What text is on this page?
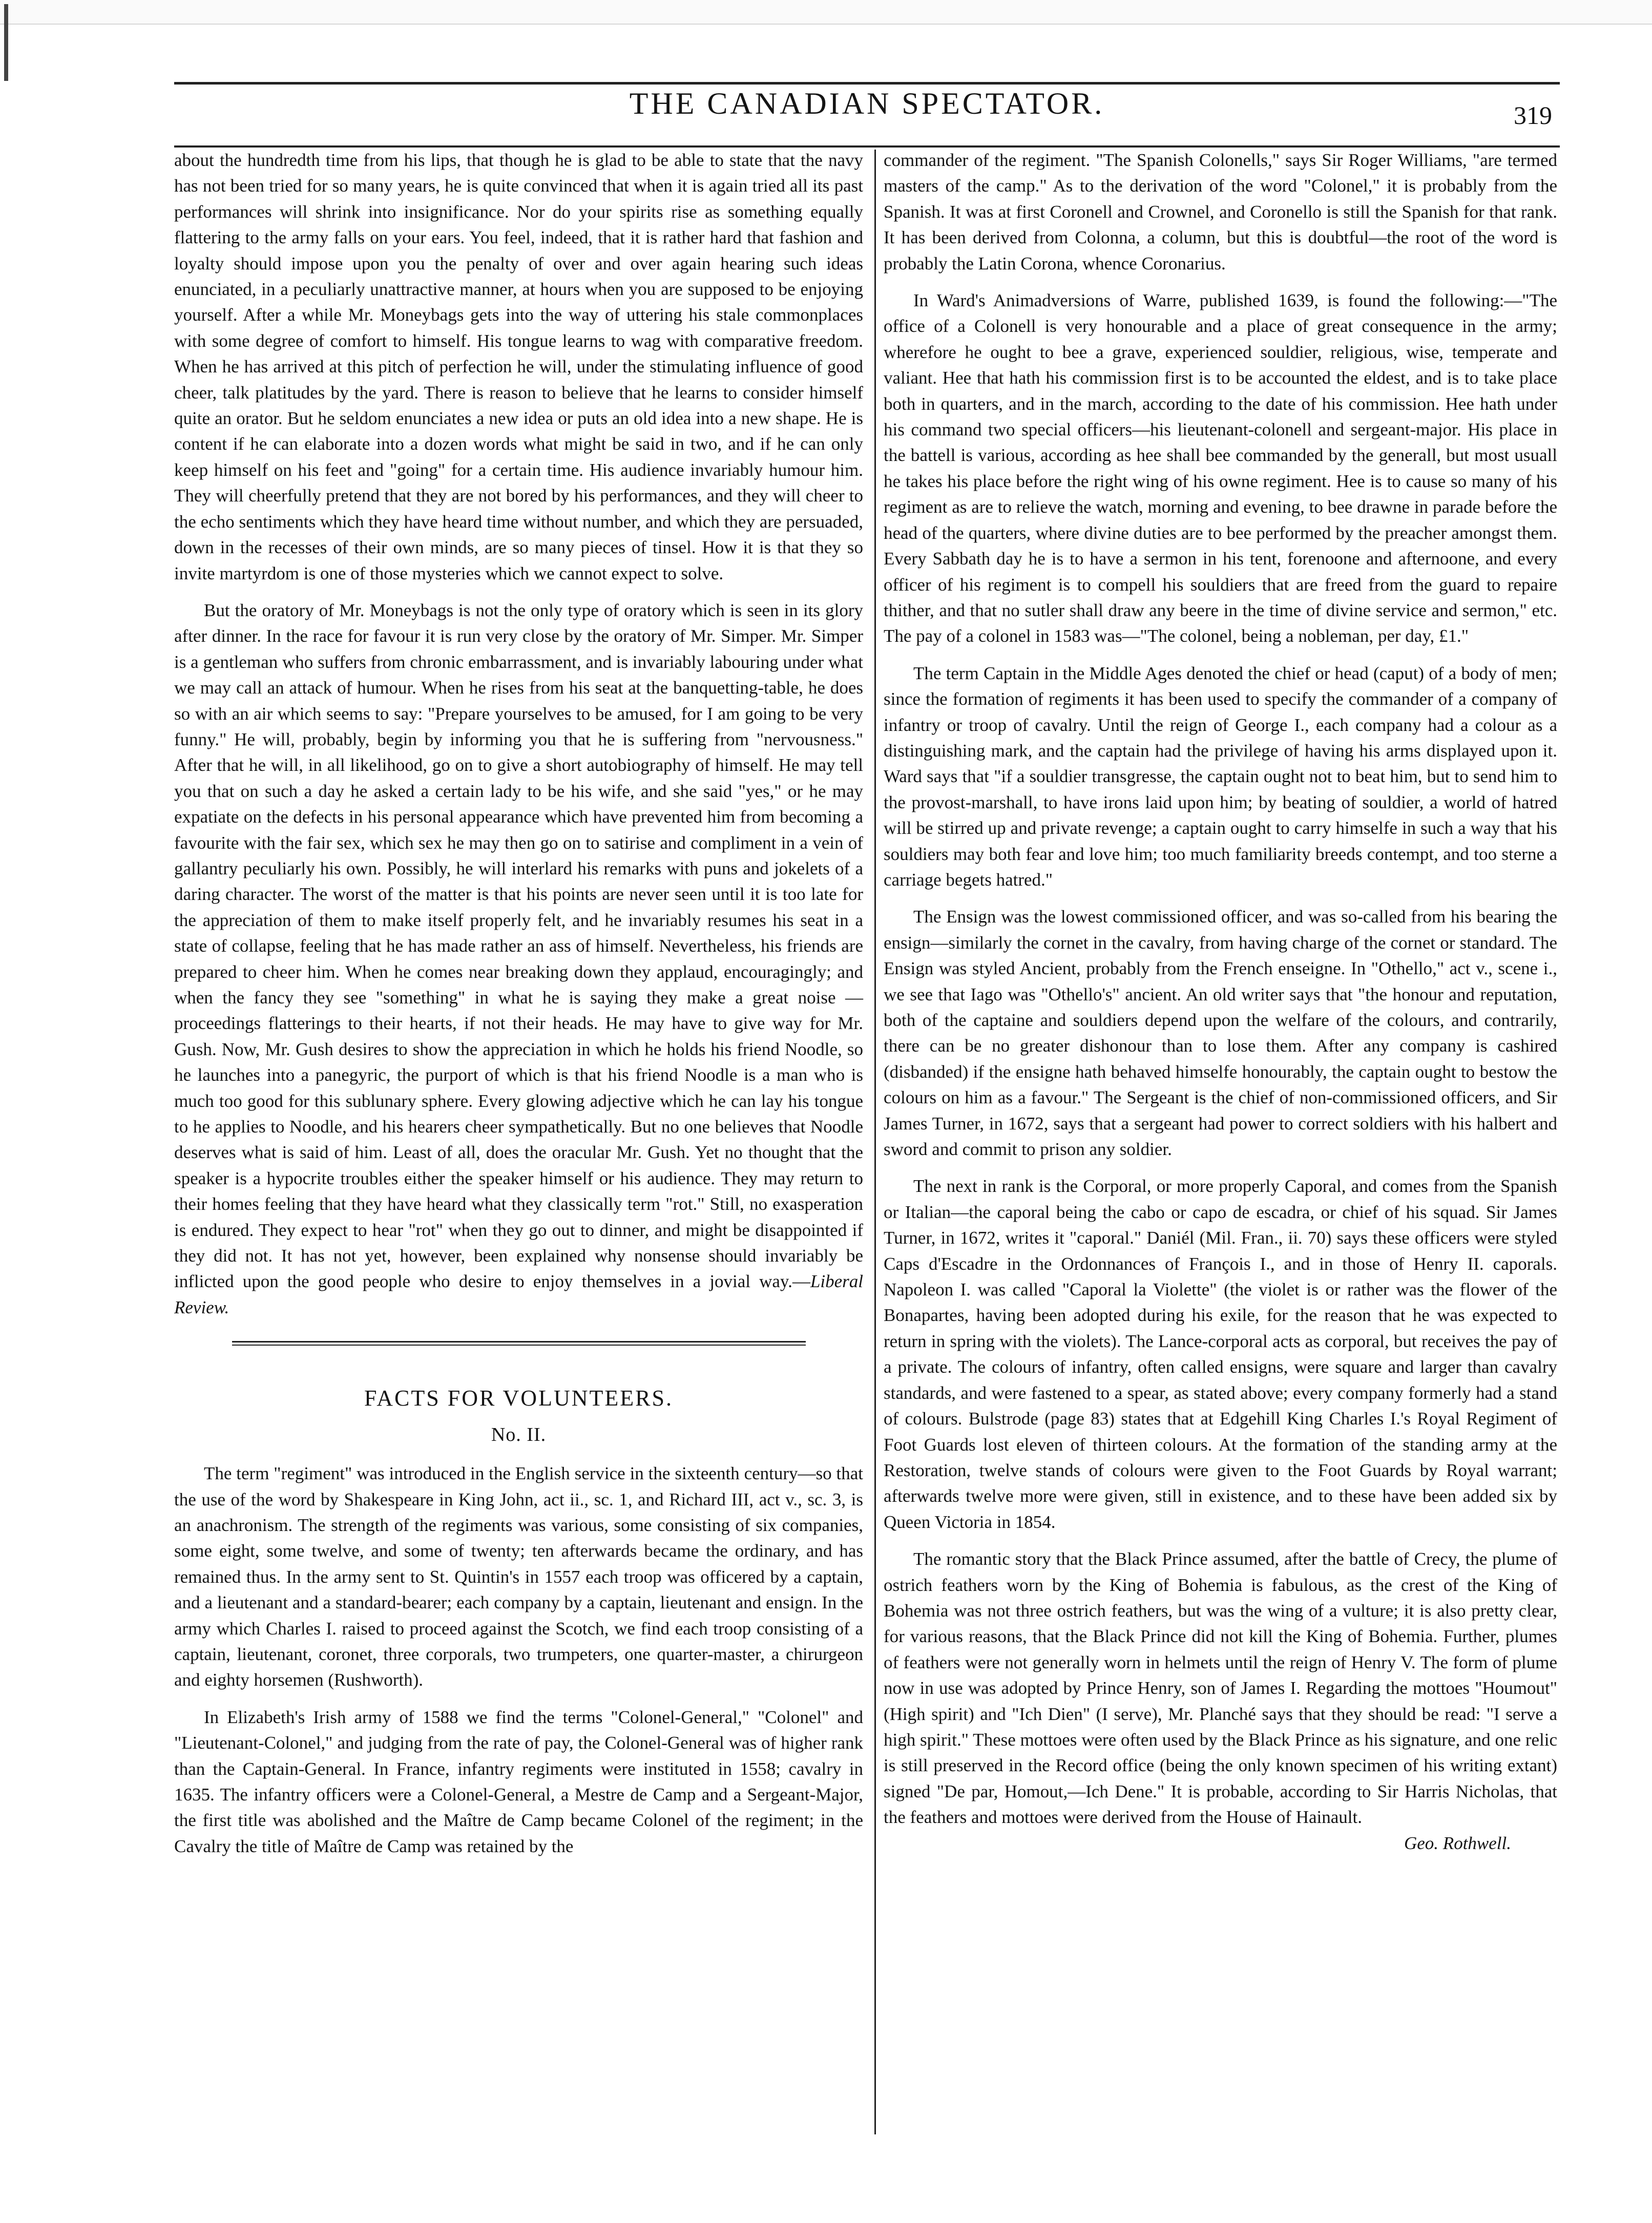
THE CANADIAN SPECTATOR.	319

about the hundredth time from his lips, that though he is glad to be able to state that the navy has not been tried for so many years, he is quite convinced that when it is again tried all its past performances will shrink into insignificance. Nor do your spirits rise as something equally flattering to the army falls on your ears. You feel, indeed, that it is rather hard that fashion and loyalty should impose upon you the penalty of over and over again hearing such ideas enunciated, in a peculiarly unattractive manner, at hours when you are supposed to be enjoying yourself. After a while Mr. Moneybags gets into the way of uttering his stale commonplaces with some degree of comfort to himself. His tongue learns to wag with comparative freedom. When he has arrived at this pitch of perfection he will, under the stimulating influence of good cheer, talk platitudes by the yard. There is reason to believe that he learns to consider himself quite an orator. But he seldom enunciates a new idea or puts an old idea into a new shape. He is content if he can elaborate into a dozen words what might be said in two, and if he can only keep himself on his feet and "going" for a certain time. His audience invariably humour him. They will cheerfully pretend that they are not bored by his performances, and they will cheer to the echo sentiments which they have heard time without number, and which they are persuaded, down in the recesses of their own minds, are so many pieces of tinsel. How it is that they so invite martyrdom is one of those mysteries which we cannot expect to solve.

But the oratory of Mr. Moneybags is not the only type of oratory which is seen in its glory after dinner. In the race for favour it is run very close by the oratory of Mr. Simper. Mr. Simper is a gentleman who suffers from chronic embarrassment, and is invariably labouring under what we may call an attack of humour. When he rises from his seat at the banquetting-table, he does so with an air which seems to say: "Prepare yourselves to be amused, for I am going to be very funny." He will, probably, begin by informing you that he is suffering from "nervousness." After that he will, in all likelihood, go on to give a short autobiography of himself. He may tell you that on such a day he asked a certain lady to be his wife, and she said "yes," or he may expatiate on the defects in his personal appearance which have prevented him from becoming a favourite with the fair sex, which sex he may then go on to satirise and compliment in a vein of gallantry peculiarly his own. Possibly, he will interlard his remarks with puns and jokelets of a daring character. The worst of the matter is that his points are never seen until it is too late for the appreciation of them to make itself properly felt, and he invariably resumes his seat in a state of collapse, feeling that he has made rather an ass of himself. Nevertheless, his friends are prepared to cheer him. When he comes near breaking down they applaud, encouragingly; and when the fancy they see "something" in what he is saying they make a great noise —proceedings flatterings to their hearts, if not their heads. He may have to give way for Mr. Gush. Now, Mr. Gush desires to show the appreciation in which he holds his friend Noodle, so he launches into a panegyric, the purport of which is that his friend Noodle is a man who is much too good for this sublunary sphere. Every glowing adjective which he can lay his tongue to he applies to Noodle, and his hearers cheer sympathetically. But no one believes that Noodle deserves what is said of him. Least of all, does the oracular Mr. Gush. Yet no thought that the speaker is a hypocrite troubles either the speaker himself or his audience. They may return to their homes feeling that they have heard what they classically term "rot." Still, no exasperation is endured. They expect to hear "rot" when they go out to dinner, and might be disappointed if they did not. It has not yet, however, been explained why nonsense should invariably be inflicted upon the good people who desire to enjoy themselves in a jovial way.—Liberal Review.

FACTS FOR VOLUNTEERS.
No. II.

The term "regiment" was introduced in the English service in the sixteenth century—so that the use of the word by Shakespeare in King John, act ii., sc. 1, and Richard III, act v., sc. 3, is an anachronism. The strength of the regiments was various, some consisting of six companies, some eight, some twelve, and some of twenty; ten afterwards became the ordinary, and has remained thus. In the army sent to St. Quintin's in 1557 each troop was officered by a captain, and a lieutenant and a standard-bearer; each company by a captain, lieutenant and ensign. In the army which Charles I. raised to proceed against the Scotch, we find each troop consisting of a captain, lieutenant, coronet, three corporals, two trumpeters, one quarter-master, a chirurgeon and eighty horsemen (Rushworth).

In Elizabeth's Irish army of 1588 we find the terms "Colonel-General," "Colonel" and "Lieutenant-Colonel," and judging from the rate of pay, the Colonel-General was of higher rank than the Captain-General. In France, infantry regiments were instituted in 1558; cavalry in 1635. The infantry officers were a Colonel-General, a Mestre de Camp and a Sergeant-Major, the first title was abolished and the Maître de Camp became Colonel of the regiment; in the Cavalry the title of Maître de Camp was retained by the

commander of the regiment. "The Spanish Colonells," says Sir Roger Williams, "are termed masters of the camp." As to the derivation of the word "Colonel," it is probably from the Spanish. It was at first Coronell and Crownel, and Coronello is still the Spanish for that rank. It has been derived from Colonna, a column, but this is doubtful—the root of the word is probably the Latin Corona, whence Coronarius.

In Ward's Animadversions of Warre, published 1639, is found the following:—"The office of a Colonell is very honourable and a place of great consequence in the army; wherefore he ought to bee a grave, experienced souldier, religious, wise, temperate and valiant. Hee that hath his commission first is to be accounted the eldest, and is to take place both in quarters, and in the march, according to the date of his commission. Hee hath under his command two special officers—his lieutenant-colonell and sergeant-major. His place in the battell is various, according as hee shall bee commanded by the generall, but most usuall he takes his place before the right wing of his owne regiment. Hee is to cause so many of his regiment as are to relieve the watch, morning and evening, to bee drawne in parade before the head of the quarters, where divine duties are to bee performed by the preacher amongst them. Every Sabbath day he is to have a sermon in his tent, forenoone and afternoone, and every officer of his regiment is to compell his souldiers that are freed from the guard to repaire thither, and that no sutler shall draw any beere in the time of divine service and sermon," etc. The pay of a colonel in 1583 was—"The colonel, being a nobleman, per day, £1."

The term Captain in the Middle Ages denoted the chief or head (caput) of a body of men; since the formation of regiments it has been used to specify the commander of a company of infantry or troop of cavalry. Until the reign of George I., each company had a colour as a distinguishing mark, and the captain had the privilege of having his arms displayed upon it. Ward says that "if a souldier transgresse, the captain ought not to beat him, but to send him to the provost-marshall, to have irons laid upon him; by beating of souldier, a world of hatred will be stirred up and private revenge; a captain ought to carry himselfe in such a way that his souldiers may both fear and love him; too much familiarity breeds contempt, and too sterne a carriage begets hatred."

The Ensign was the lowest commissioned officer, and was so-called from his bearing the ensign—similarly the cornet in the cavalry, from having charge of the cornet or standard. The Ensign was styled Ancient, probably from the French enseigne. In "Othello," act v., scene i., we see that Iago was "Othello's" ancient. An old writer says that "the honour and reputation, both of the captaine and souldiers depend upon the welfare of the colours, and contrarily, there can be no greater dishonour than to lose them. After any company is cashired (disbanded) if the ensigne hath behaved himselfe honourably, the captain ought to bestow the colours on him as a favour." The Sergeant is the chief of non-commissioned officers, and Sir James Turner, in 1672, says that a sergeant had power to correct soldiers with his halbert and sword and commit to prison any soldier.

The next in rank is the Corporal, or more properly Caporal, and comes from the Spanish or Italian—the caporal being the cabo or capo de escadra, or chief of his squad. Sir James Turner, in 1672, writes it "caporal." Daniél (Mil. Fran., ii. 70) says these officers were styled Caps d'Escadre in the Ordonnances of François I., and in those of Henry II. caporals. Napoleon I. was called "Caporal la Violette" (the violet is or rather was the flower of the Bonapartes, having been adopted during his exile, for the reason that he was expected to return in spring with the violets). The Lance-corporal acts as corporal, but receives the pay of a private. The colours of infantry, often called ensigns, were square and larger than cavalry standards, and were fastened to a spear, as stated above; every company formerly had a stand of colours. Bulstrode (page 83) states that at Edgehill King Charles I.'s Royal Regiment of Foot Guards lost eleven of thirteen colours. At the formation of the standing army at the Restoration, twelve stands of colours were given to the Foot Guards by Royal warrant; afterwards twelve more were given, still in existence, and to these have been added six by Queen Victoria in 1854.

The romantic story that the Black Prince assumed, after the battle of Crecy, the plume of ostrich feathers worn by the King of Bohemia is fabulous, as the crest of the King of Bohemia was not three ostrich feathers, but was the wing of a vulture; it is also pretty clear, for various reasons, that the Black Prince did not kill the King of Bohemia. Further, plumes of feathers were not generally worn in helmets until the reign of Henry V. The form of plume now in use was adopted by Prince Henry, son of James I. Regarding the mottoes "Houmout" (High spirit) and "Ich Dien" (I serve), Mr. Planché says that they should be read: "I serve a high spirit." These mottoes were often used by the Black Prince as his signature, and one relic is still preserved in the Record office (being the only known specimen of his writing extant) signed "De par, Homout,—Ich Dene." It is probable, according to Sir Harris Nicholas, that the feathers and mottoes were derived from the House of Hainault.

Geo. Rothwell.
